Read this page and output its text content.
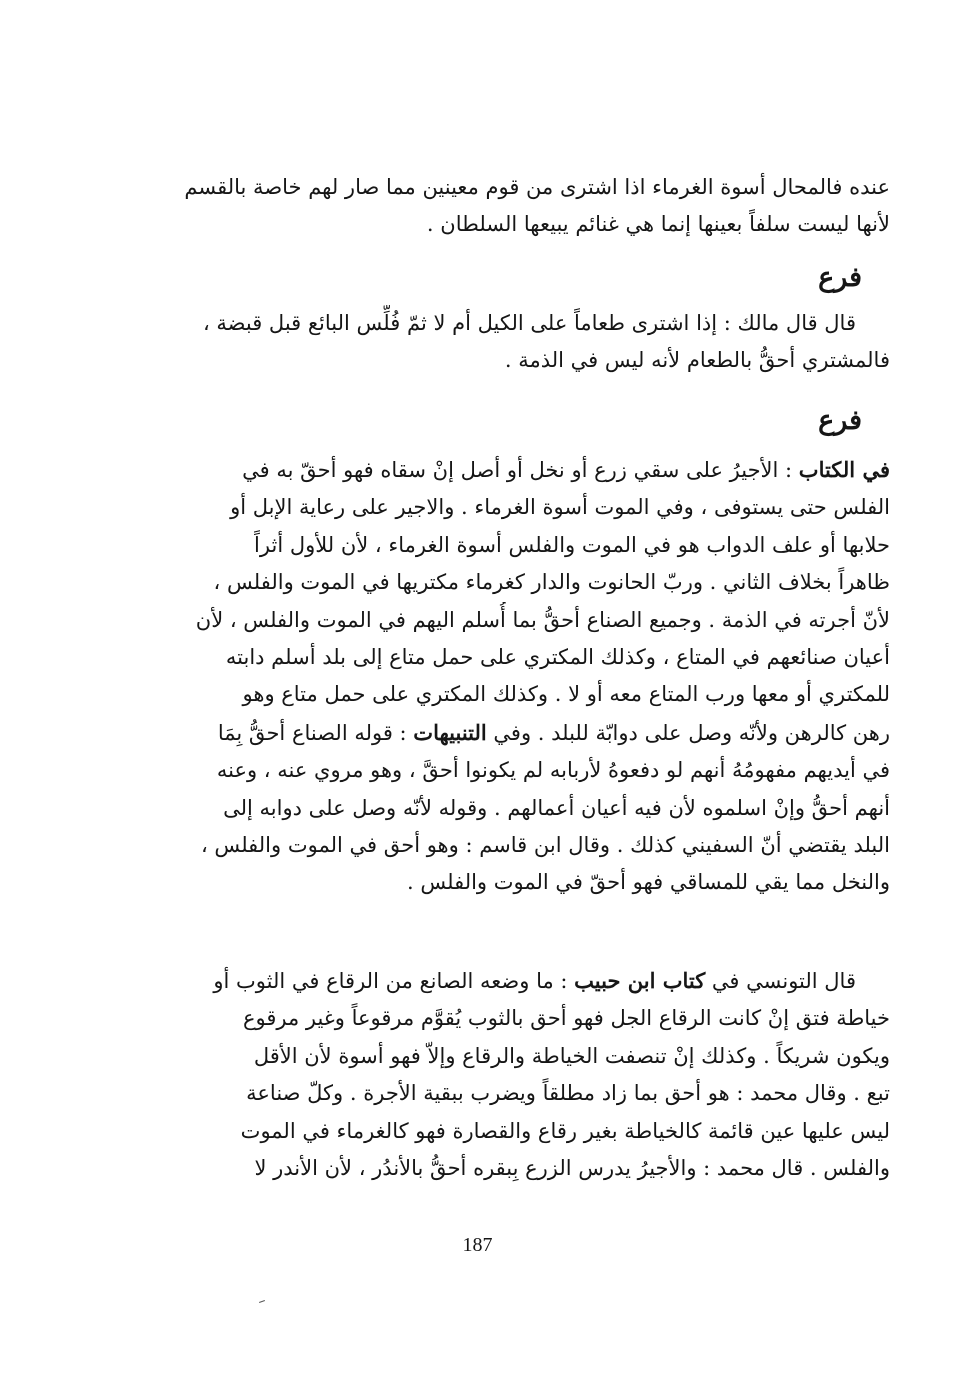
عنده فالمحال أسوة الغرماء اذا اشترى من قوم معينين مما صار لهم خاصة بالقسم
لأنها ليست سلفاً بعينها إنما هي غنائم يبيعها السلطان .
فرع
قال قال مالك : إذا اشترى طعاماً على الكيل أم لا ثمّ فُلِّس البائع قبل قبضة ،
فالمشتري أحقُّ بالطعام لأنه ليس في الذمة .
فرع
في الكتاب : الأجيرُ على سقي زرع أو نخل أو أصل إنْ سقاه فهو أحقّ به في
الفلس حتى يستوفى ، وفي الموت أسوة الغرماء . والاجير على رعاية الإبل أو
حلابها أو علف الدواب هو في الموت والفلس أسوة الغرماء ، لأن للأول أثراً
ظاهراً بخلاف الثاني . وربّ الحانوت والدار كغرماء مكتريها في الموت والفلس ،
لأنّ أجرته في الذمة . وجميع الصناع أحقُّ بما أُسلم اليهم في الموت والفلس ، لأن
أعيان صنائعهم في المتاع ، وكذلك المكتري على حمل متاع إلى بلد أسلم دابته
للمكتري أو معها ورب المتاع معه أو لا . وكذلك المكتري على حمل متاع وهو
رهن كالرهن ولأنّه وصل على دوابّة للبلد . وفي التنبيهات : قوله الصناع أحقُّ بِمَا
في أيديهم مفهومُهُ أنهم لو دفعوهُ لأربابه لم يكونوا أحقَّ ، وهو مروي عنه ، وعنه
أنهم أحقُّ وإنْ اسلموه لأن فيه أعيان أعمالهم . وقوله لأنّه وصل على دوابه إلى
البلد يقتضي أنّ السفيني كذلك . وقال ابن قاسم : وهو أحق في الموت والفلس ،
والنخل مما يقي للمساقي فهو أحقّ في الموت والفلس .
قال التونسي في كتاب ابن حبيب : ما وضعه الصانع من الرقاع في الثوب أو
خياطة فتق إنْ كانت الرقاع الجل فهو أحق بالثوب يُقوَّم مرقوعاً وغير مرقوع
ويكون شريكاً . وكذلك إنْ تنصفت الخياطة والرقاع وإلاّ فهو أسوة لأن الأقل
تبع . وقال محمد : هو أحق بما زاد مطلقاً ويضرب ببقية الأجرة . وكلّ صناعة
ليس عليها عين قائمة كالخياطة بغير رقاع والقصارة فهو كالغرماء في الموت
والفلس . قال محمد : والأجيرُ يدرس الزرع بِبقره أحقُّ بالأندُر ، لأن الأندر لا
187
